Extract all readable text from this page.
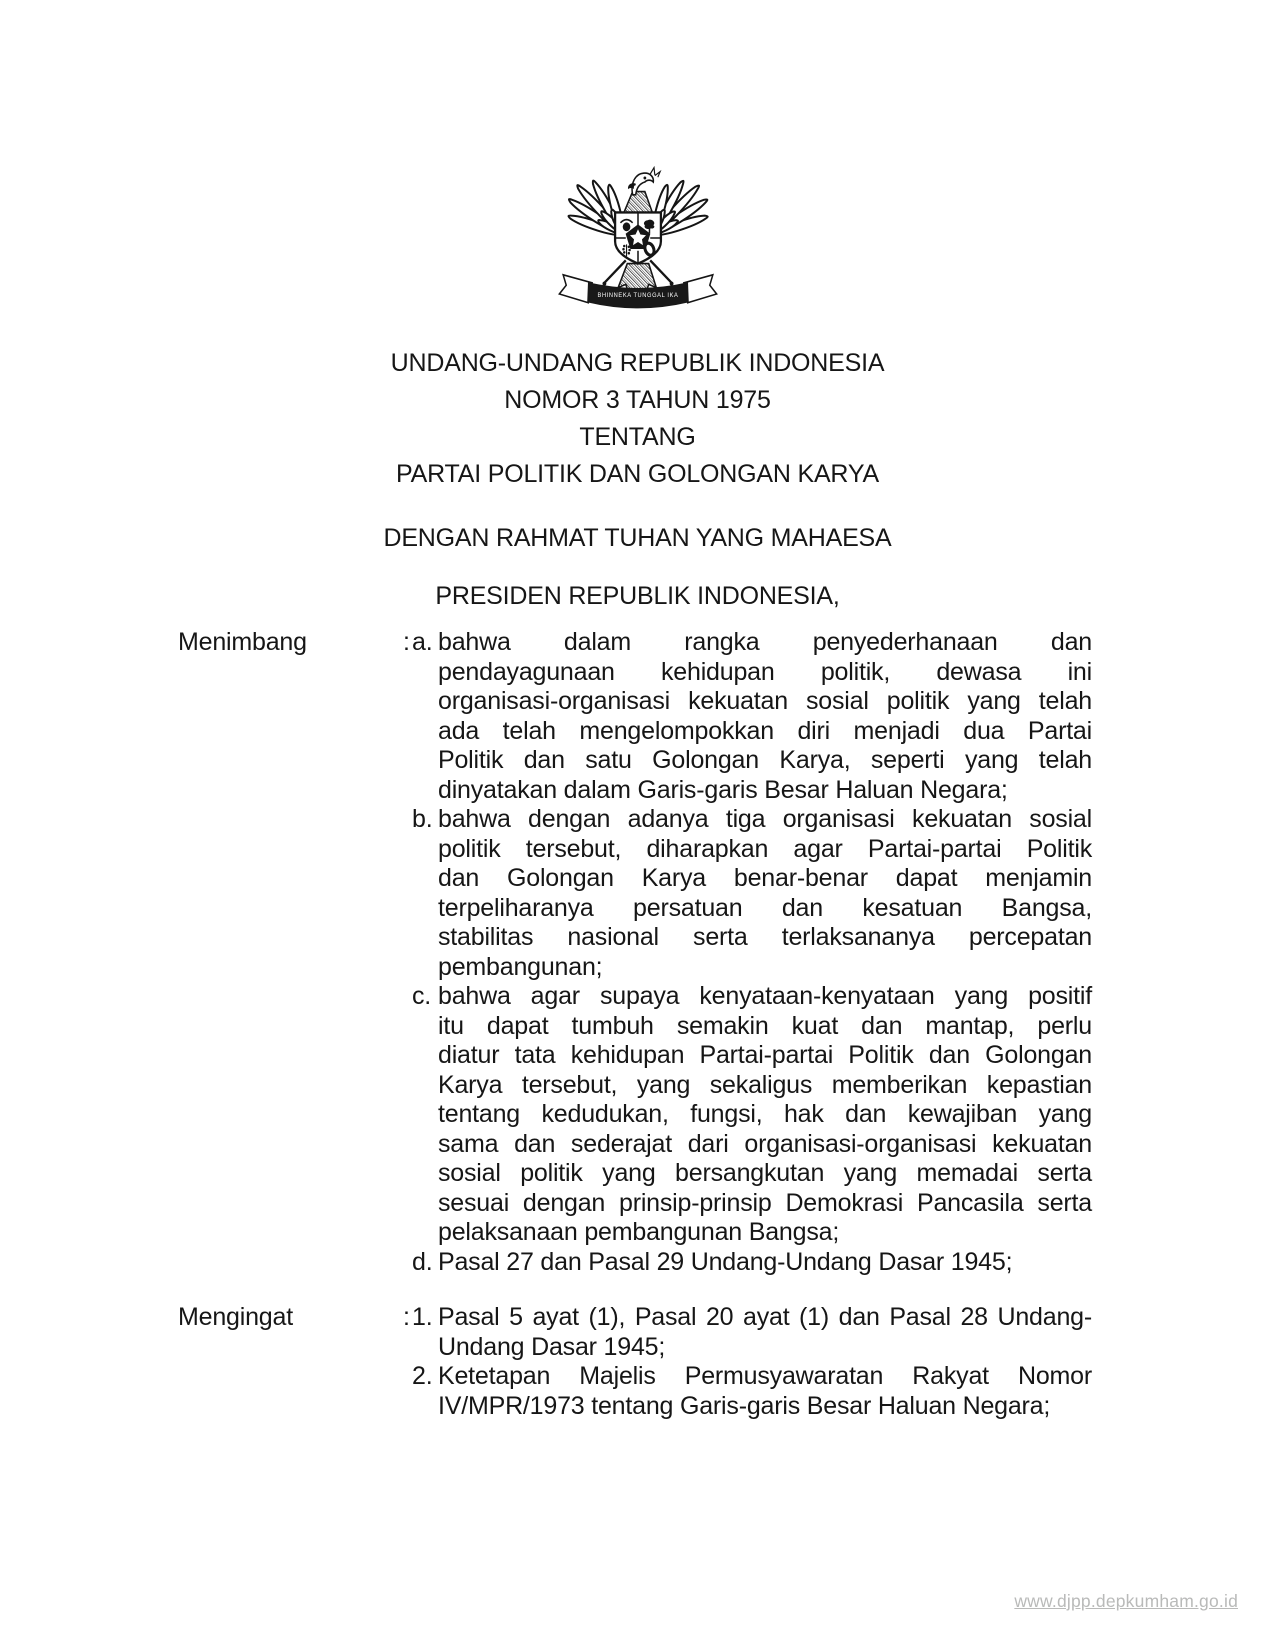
BHINNEKA TUNGGAL IKA
UNDANG-UNDANG REPUBLIK INDONESIA
NOMOR 3 TAHUN 1975
TENTANG
PARTAI POLITIK DAN GOLONGAN KARYA
DENGAN RAHMAT TUHAN YANG MAHAESA
PRESIDEN REPUBLIK INDONESIA,
Menimbang	: a. bahwa dalam rangka penyederhanaan dan
pendayagunaan kehidupan politik, dewasa ini
organisasi-organisasi kekuatan sosial politik yang telah
ada telah mengelompokkan diri menjadi dua Partai
Politik dan satu Golongan Karya, seperti yang telah
dinyatakan dalam Garis-garis Besar Haluan Negara;
b. bahwa dengan adanya tiga organisasi kekuatan sosial
politik tersebut, diharapkan agar Partai-partai Politik
dan Golongan Karya benar-benar dapat menjamin
terpeliharanya persatuan dan kesatuan Bangsa,
stabilitas nasional serta terlaksananya percepatan
pembangunan;
c. bahwa agar supaya kenyataan-kenyataan yang positif
itu dapat tumbuh semakin kuat dan mantap, perlu
diatur tata kehidupan Partai-partai Politik dan Golongan
Karya tersebut, yang sekaligus memberikan kepastian
tentang kedudukan, fungsi, hak dan kewajiban yang
sama dan sederajat dari organisasi-organisasi kekuatan
sosial politik yang bersangkutan yang memadai serta
sesuai dengan prinsip-prinsip Demokrasi Pancasila serta
pelaksanaan pembangunan Bangsa;
d. Pasal 27 dan Pasal 29 Undang-Undang Dasar 1945;
Mengingat	: 1. Pasal 5 ayat (1), Pasal 20 ayat (1) dan Pasal 28 Undang-
Undang Dasar 1945;
2. Ketetapan Majelis Permusyawaratan Rakyat Nomor
IV/MPR/1973 tentang Garis-garis Besar Haluan Negara;
www.djpp.depkumham.go.id
